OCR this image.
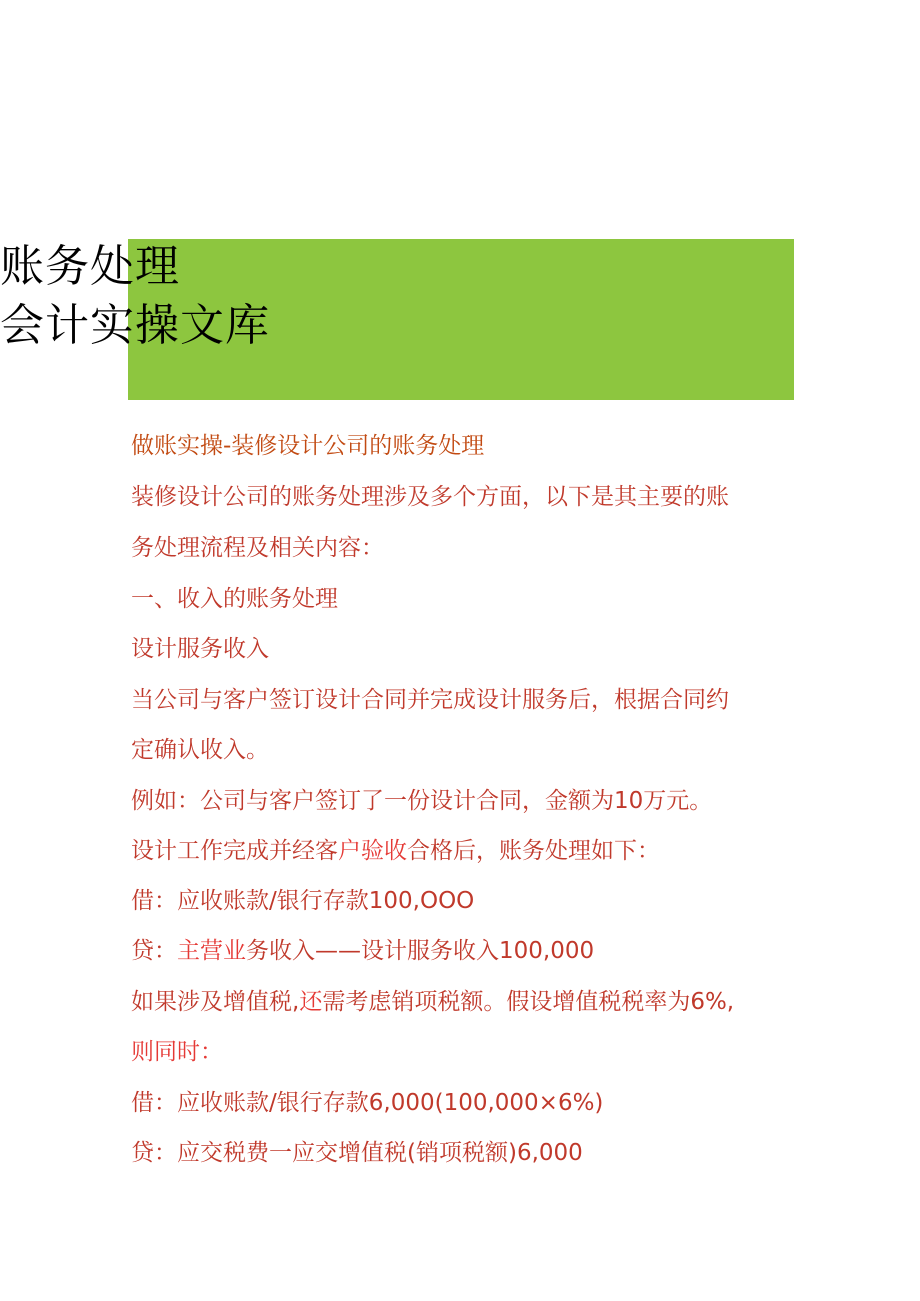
账务处理
会计实操文库
做账实操-装修设计公司的账务处理
装修设计公司的账务处理涉及多个方面，以下是其主要的账
务处理流程及相关内容：
一、收入的账务处理
设计服务收入
当公司与客户签订设计合同并完成设计服务后，根据合同约
定确认收入。
例如：公司与客户签订了一份设计合同，金额为10万元。
设计工作完成并经客户验收合格后，账务处理如下：
借：应收账款/银行存款100,OOO
贷：主营业务收入——设计服务收入100,000
如果涉及增值税,还需考虑销项税额。假设增值税税率为6%,
则同时：
借：应收账款/银行存款6,000(100,000×6%)
贷：应交税费一应交增值税(销项税额)6,000
